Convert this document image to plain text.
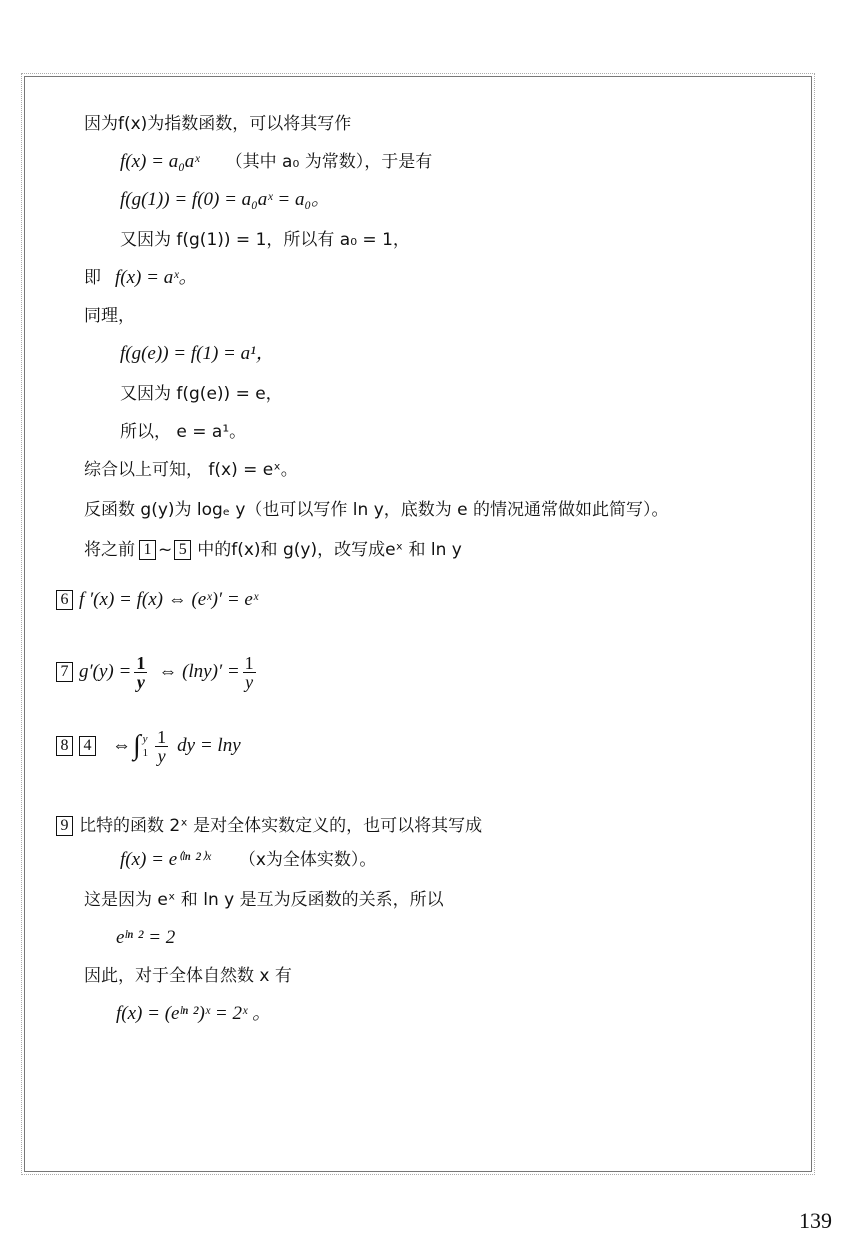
因为f(x)为指数函数，可以将其写作
f(x) = a₀aˣ （其中 a₀ 为常数），于是有
f(g(1)) = f(0) = a₀aˣ = a₀。
又因为 f(g(1)) = 1，所以有 a₀ = 1，
即 f(x) = aˣ。
同理，
f(g(e)) = f(1) = a¹，
又因为 f(g(e)) = e，
所以， e = a¹。
综合以上可知， f(x) = eˣ。
反函数 g(y)为 logₑ y（也可以写作 ln y，底数为 e 的情况通常做如此简写）。
将之前 1 ~ 5 中的f(x)和 g(y)，改写成eˣ 和 ln y
6 f ′(x) = f(x) ⇔ (eˣ)′ = eˣ
7 $g'(y) = \frac{1}{y}$ ⇔ $(\ln y)' = \frac{1}{y}$
8 4 ⇔ ∫ y
$1 \frac{1}{y}$ dy = lny
9 比特的函数 2ˣ 是对全体实数定义的，也可以将其写成
f(x) = e⁽ˡⁿ ²⁾ˣ （x为全体实数）。
这是因为 eˣ 和 ln y 是互为反函数的关系，所以
eˡⁿ ² = 2
因此，对于全体自然数 x 有
f(x) = (eˡⁿ ²)ˣ = 2ˣ 。
139
